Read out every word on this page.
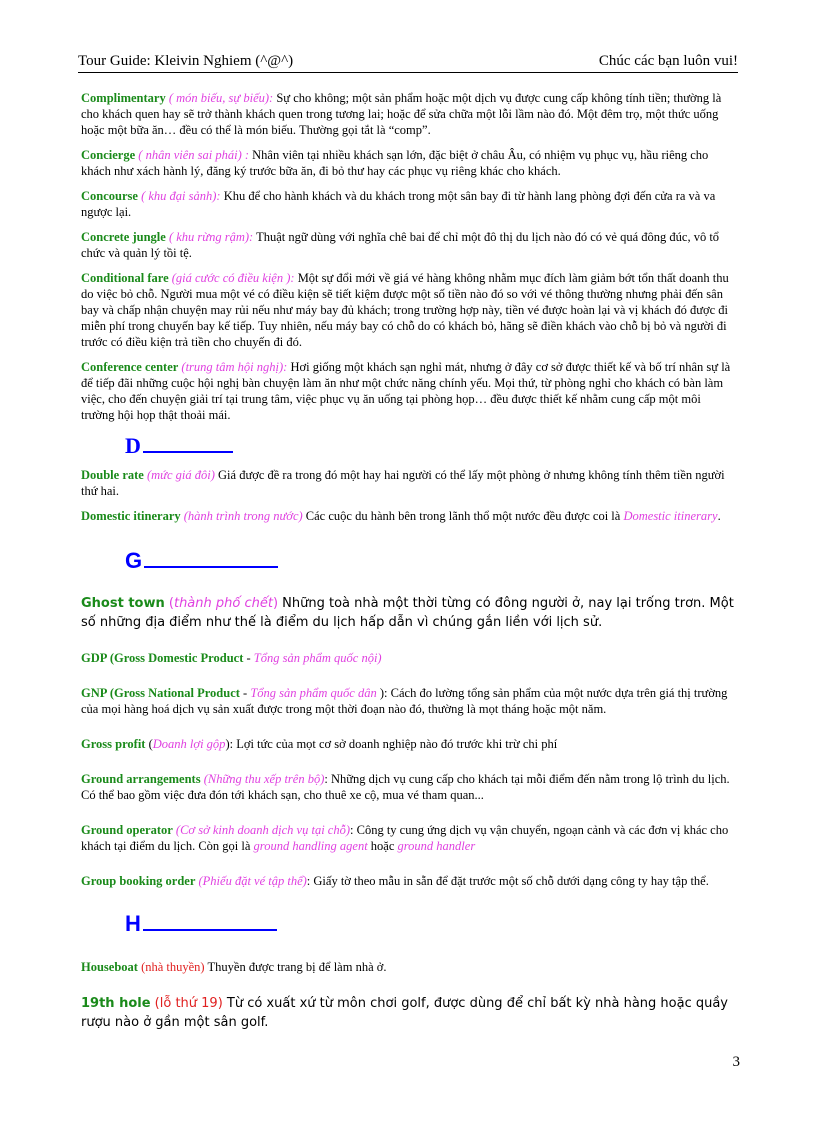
Tour Guide: Kleivin Nghiem (^@^)	Chúc các bạn luôn vui!

Complimentary ( món biếu, sự biếu): Sự cho không; một sản phẩm hoặc một dịch vụ được cung cấp không tính tiền; thường là cho khách quen hay sẽ trở thành khách quen trong tương lai; hoặc để sửa chữa một lỗi lầm nào đó. Một đêm trọ, một thức uống hoặc một bữa ăn… đều có thể là món biếu. Thường gọi tắt là “comp”.

Concierge ( nhân viên sai phái) : Nhân viên tại nhiều khách sạn lớn, đặc biệt ở châu Âu, có nhiệm vụ phục vụ, hầu riêng cho khách như xách hành lý, đăng ký trước bữa ăn, đi bỏ thư hay các phục vụ riêng khác cho khách.

Concourse ( khu đại sảnh): Khu để cho hành khách và du khách trong một sân bay đi từ hành lang phòng đợi đến cửa ra và va ngược lại.

Concrete jungle ( khu rừng rậm): Thuật ngữ dùng với nghĩa chê bai để chỉ một đô thị du lịch nào đó có vẻ quá đông đúc, vô tổ chức và quản lý tồi tệ.

Conditional fare (giá cước có điều kiện ): Một sự đổi mới về giá vé hàng không nhằm mục đích làm giảm bớt tổn thất doanh thu do việc bỏ chỗ. Người mua một vé có điều kiện sẽ tiết kiệm được một số tiền nào đó so với vé thông thường nhưng phải đến sân bay và chấp nhận chuyện may rủi nếu như máy bay đủ khách; trong trường hợp này, tiền vé được hoàn lại và vị khách đó được đi miễn phí trong chuyến bay kế tiếp. Tuy nhiên, nếu máy bay có chỗ do có khách bỏ, hãng sẽ điền khách vào chỗ bị bỏ và người đi trước có điều kiện trả tiền cho chuyến đi đó.

Conference center (trung tâm hội nghị): Hơi giống một khách sạn nghỉ mát, nhưng ở đây cơ sở được thiết kế và bố trí nhân sự là để tiếp đãi những cuộc hội nghị bàn chuyện làm ăn như một chức năng chính yếu. Mọi thứ, từ phòng nghỉ cho khách có bàn làm việc, cho đến chuyện giải trí tại trung tâm, việc phục vụ ăn uống tại phòng họp… đều được thiết kế nhằm cung cấp một môi trường hội họp thật thoải mái.

D

Double rate (mức giá đôi) Giá được đề ra trong đó một hay hai người có thể lấy một phòng ở nhưng không tính thêm tiền người thứ hai.

Domestic itinerary (hành trình trong nước) Các cuộc du hành bên trong lãnh thổ một nước đều được coi là Domestic itinerary.

G

Ghost town (thành phố chết) Những toà nhà một thời từng có đông người ở, nay lại trống trơn. Một số những địa điểm như thế là điểm du lịch hấp dẫn vì chúng gắn liền với lịch sử.

GDP (Gross Domestic Product - Tổng sản phẩm quốc nội)

GNP (Gross National Product - Tổng sản phẩm quốc dân ): Cách đo lường tổng sản phẩm của một nước dựa trên giá thị trường của mọi hàng hoá dịch vụ sản xuất được trong một thời đoạn nào đó, thường là mọt tháng hoặc một năm.

Gross profit (Doanh lợi gộp): Lợi tức của mọt cơ sở doanh nghiệp nào đó trước khi trừ chi phí

Ground arrangements (Những thu xếp trên bộ): Những dịch vụ cung cấp cho khách tại mỗi điểm đến nằm trong lộ trình du lịch. Có thể bao gồm việc đưa đón tới khách sạn, cho thuê xe cộ, mua vé tham quan...

Ground operator (Cơ sở kinh doanh dịch vụ tại chỗ): Công ty cung ứng dịch vụ vận chuyển, ngoạn cảnh và các đơn vị khác cho khách tại điểm du lịch. Còn gọi là ground handling agent hoặc ground handler

Group booking order (Phiếu đặt vé tập thể): Giấy tờ theo mẫu in sẵn để đặt trước một số chỗ dưới dạng công ty hay tập thể.

H

Houseboat (nhà thuyền) Thuyền được trang bị để làm nhà ở.

19th hole (lỗ thứ 19) Từ có xuất xứ từ môn chơi golf, được dùng để chỉ bất kỳ nhà hàng hoặc quầy rượu nào ở gần một sân golf.

3
